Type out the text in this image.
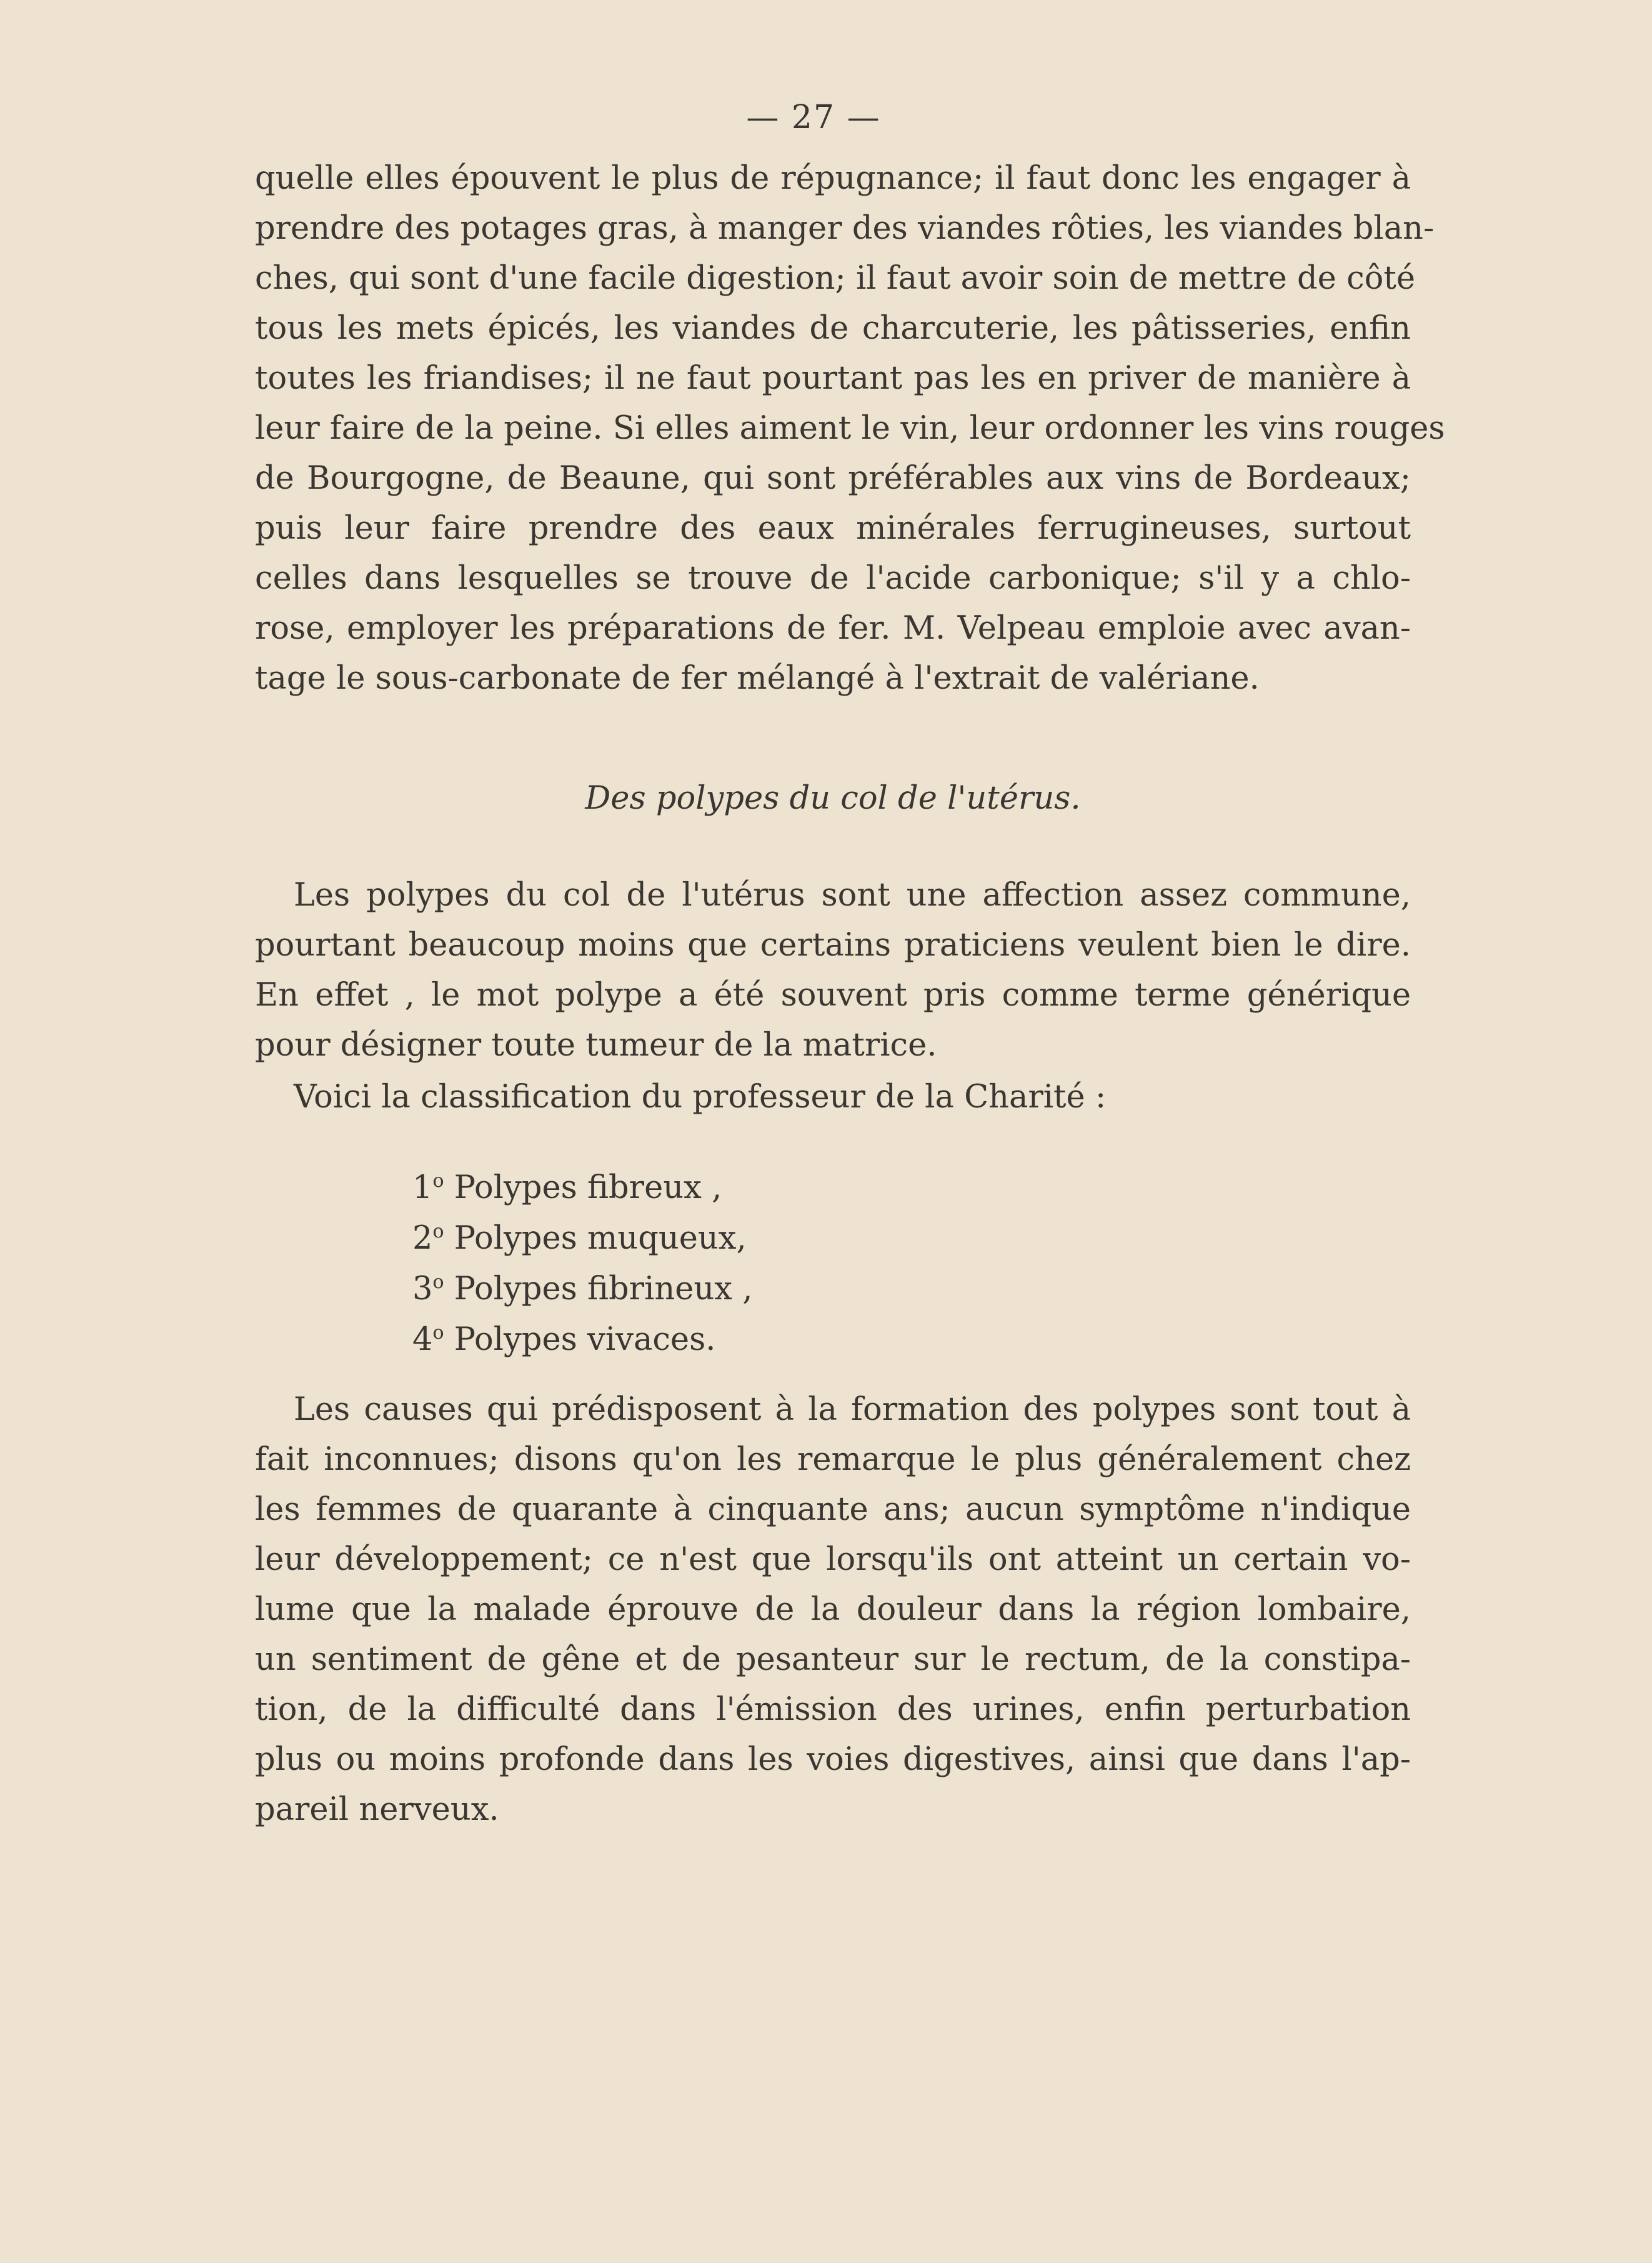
— 27 —
quelle elles épouvent le plus de répugnance; il faut donc les engager à
prendre des potages gras, à manger des viandes rôties, les viandes blan-
ches, qui sont d'une facile digestion; il faut avoir soin de mettre de côté
tous les mets épicés, les viandes de charcuterie, les pâtisseries, enfin
toutes les friandises; il ne faut pourtant pas les en priver de manière à
leur faire de la peine. Si elles aiment le vin, leur ordonner les vins rouges
de Bourgogne, de Beaune, qui sont préférables aux vins de Bordeaux;
puis leur faire prendre des eaux minérales ferrugineuses, surtout
celles dans lesquelles se trouve de l'acide carbonique; s'il y a chlo-
rose, employer les préparations de fer. M. Velpeau emploie avec avan-
tage le sous-carbonate de fer mélangé à l'extrait de valériane.
Des polypes du col de l'utérus.
Les polypes du col de l'utérus sont une affection assez commune,
pourtant beaucoup moins que certains praticiens veulent bien le dire.
En effet , le mot polype a été souvent pris comme terme générique
pour désigner toute tumeur de la matrice.
Voici la classification du professeur de la Charité :
1$^o$ Polypes fibreux ,
2$^o$ Polypes muqueux,
3$^o$ Polypes fibrineux ,
4$^o$ Polypes vivaces.
Les causes qui prédisposent à la formation des polypes sont tout à
fait inconnues; disons qu'on les remarque le plus généralement chez
les femmes de quarante à cinquante ans; aucun symptôme n'indique
leur développement; ce n'est que lorsqu'ils ont atteint un certain vo-
lume que la malade éprouve de la douleur dans la région lombaire,
un sentiment de gêne et de pesanteur sur le rectum, de la constipa-
tion, de la difficulté dans l'émission des urines, enfin perturbation
plus ou moins profonde dans les voies digestives, ainsi que dans l'ap-
pareil nerveux.
